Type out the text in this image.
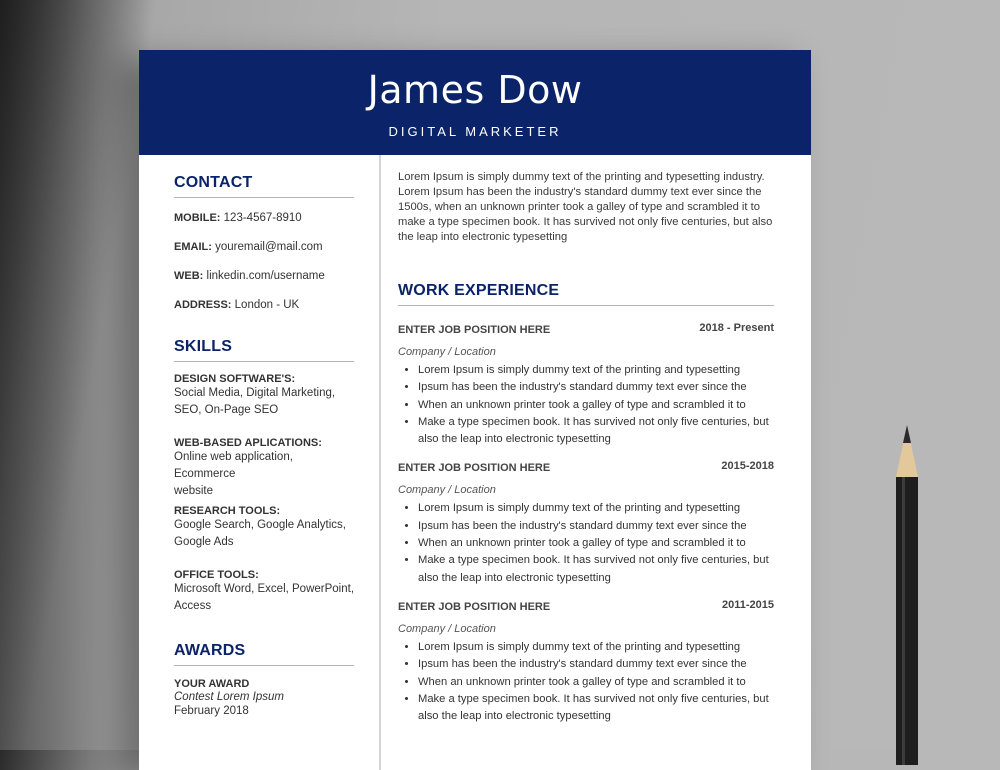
James Dow
DIGITAL MARKETER
CONTACT
MOBILE: 123-4567-8910
EMAIL: youremail@mail.com
WEB: linkedin.com/username
ADDRESS: London - UK
SKILLS
DESIGN SOFTWARE'S:
Social Media, Digital Marketing,
SEO, On-Page SEO
WEB-BASED APLICATIONS:
Online web application, Ecommerce
website
RESEARCH TOOLS:
Google Search, Google Analytics,
Google Ads
OFFICE TOOLS:
Microsoft Word, Excel, PowerPoint,
Access
AWARDS
YOUR AWARD
Contest Lorem Ipsum
February 2018
Lorem Ipsum is simply dummy text of the printing and typesetting industry. Lorem Ipsum has been the industry's standard dummy text ever since the 1500s, when an unknown printer took a galley of type and scrambled it to make a type specimen book. It has survived not only five centuries, but also the leap into electronic typesetting
WORK EXPERIENCE
ENTER JOB POSITION HERE	2018 - Present
Company / Location
• Lorem Ipsum is simply dummy text of the printing and typesetting
• Ipsum has been the industry's standard dummy text ever since the
• When an unknown printer took a galley of type and scrambled it to
• Make a type specimen book. It has survived not only five centuries, but also the leap into electronic typesetting
ENTER JOB POSITION HERE	2015-2018
Company / Location
• Lorem Ipsum is simply dummy text of the printing and typesetting
• Ipsum has been the industry's standard dummy text ever since the
• When an unknown printer took a galley of type and scrambled it to
• Make a type specimen book. It has survived not only five centuries, but also the leap into electronic typesetting
ENTER JOB POSITION HERE	2011-2015
Company / Location
• Lorem Ipsum is simply dummy text of the printing and typesetting
• Ipsum has been the industry's standard dummy text ever since the
• When an unknown printer took a galley of type and scrambled it to
• Make a type specimen book. It has survived not only five centuries, but also the leap into electronic typesetting
